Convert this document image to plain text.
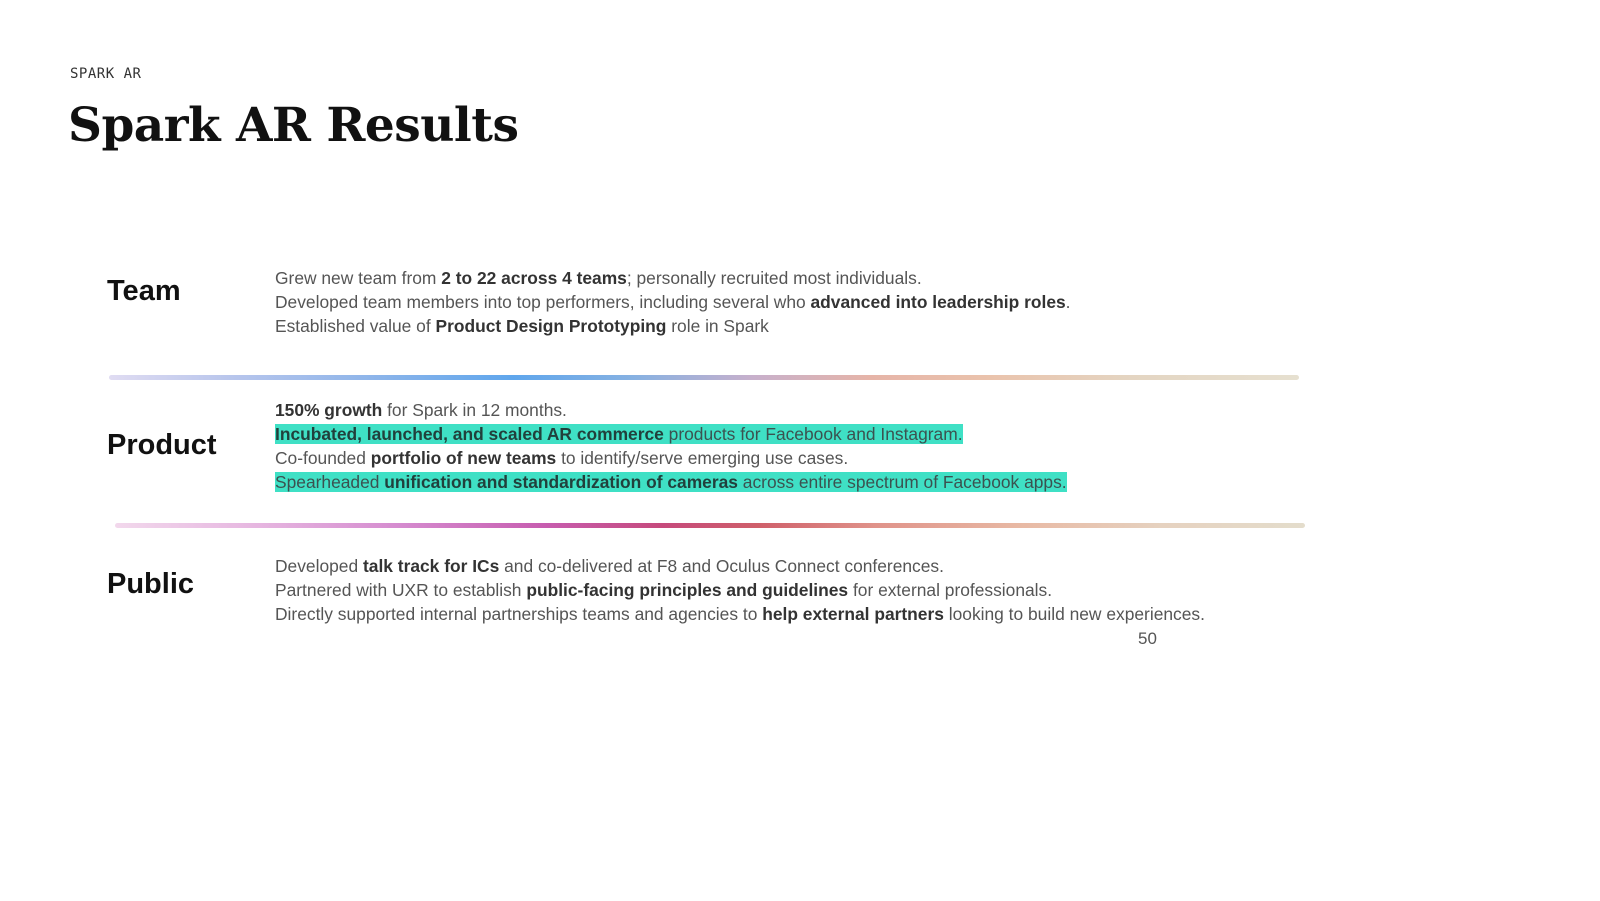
SPARK AR
Spark AR Results
Team	Grew new team from 2 to 22 across 4 teams; personally recruited most individuals.
Developed team members into top performers, including several who advanced into leadership roles.
Established value of Product Design Prototyping role in Spark
Product
150% growth for Spark in 12 months.
Incubated, launched, and scaled AR commerce products for Facebook and Instagram.
Co-founded portfolio of new teams to identify/serve emerging use cases.
Spearheaded unification and standardization of cameras across entire spectrum of Facebook apps.
Public
Developed talk track for ICs and co-delivered at F8 and Oculus Connect conferences.
Partnered with UXR to establish public-facing principles and guidelines for external professionals.
Directly supported internal partnerships teams and agencies to help external partners looking to build new experiences.
50
